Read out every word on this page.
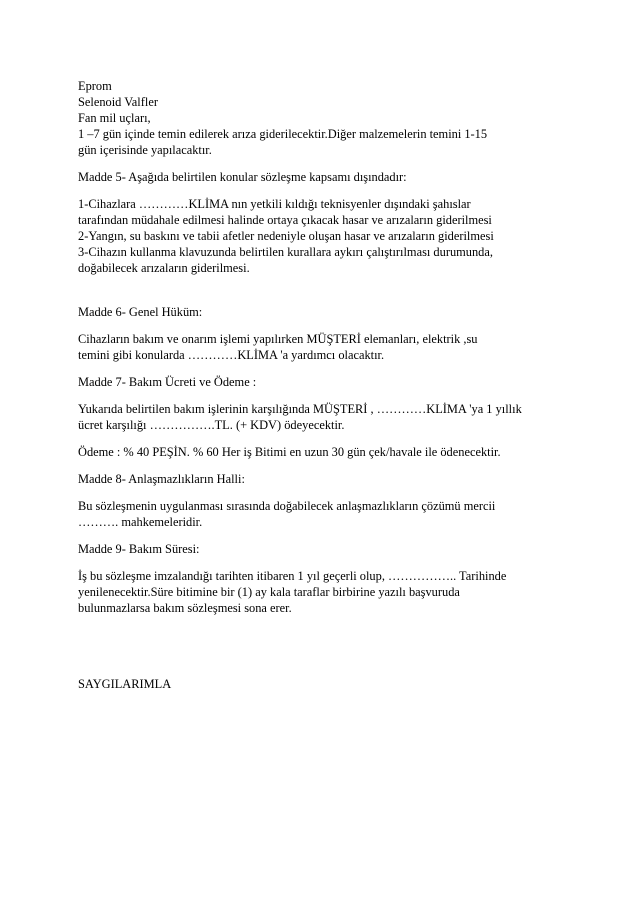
Eprom
Selenoid Valfler
Fan mil uçları,
1 –7 gün içinde temin edilerek arıza giderilecektir.Diğer malzemelerin temini 1-15
gün içerisinde yapılacaktır.
Madde 5- Aşağıda belirtilen konular sözleşme kapsamı dışındadır:
1-Cihazlara …………KLİMA nın yetkili kıldığı teknisyenler dışındaki şahıslar
tarafından müdahale edilmesi halinde ortaya çıkacak hasar ve arızaların giderilmesi
2-Yangın, su baskını ve tabii afetler nedeniyle oluşan hasar ve arızaların giderilmesi
3-Cihazın kullanma klavuzunda belirtilen kurallara aykırı çalıştırılması durumunda,
doğabilecek arızaların giderilmesi.
Madde 6- Genel Hüküm:
Cihazların bakım ve onarım işlemi yapılırken MÜŞTERİ elemanları, elektrik ,su
temini gibi konularda …………KLİMA 'a yardımcı olacaktır.
Madde 7- Bakım Ücreti ve Ödeme :
Yukarıda belirtilen bakım işlerinin karşılığında MÜŞTERİ , …………KLİMA 'ya 1 yıllık
ücret karşılığı …………….TL. (+ KDV) ödeyecektir.
Ödeme : % 40 PEŞİN. % 60 Her iş Bitimi en uzun 30 gün çek/havale ile ödenecektir.
Madde 8- Anlaşmazlıkların Halli:
Bu sözleşmenin uygulanması sırasında doğabilecek anlaşmazlıkların çözümü mercii
………. mahkemeleridir.
Madde 9- Bakım Süresi:
İş bu sözleşme imzalandığı tarihten itibaren 1 yıl geçerli olup, …………….. Tarihinde
yenilenecektir.Süre bitimine bir (1) ay kala taraflar birbirine yazılı başvuruda
bulunmazlarsa bakım sözleşmesi sona erer.
SAYGILARIMLA
